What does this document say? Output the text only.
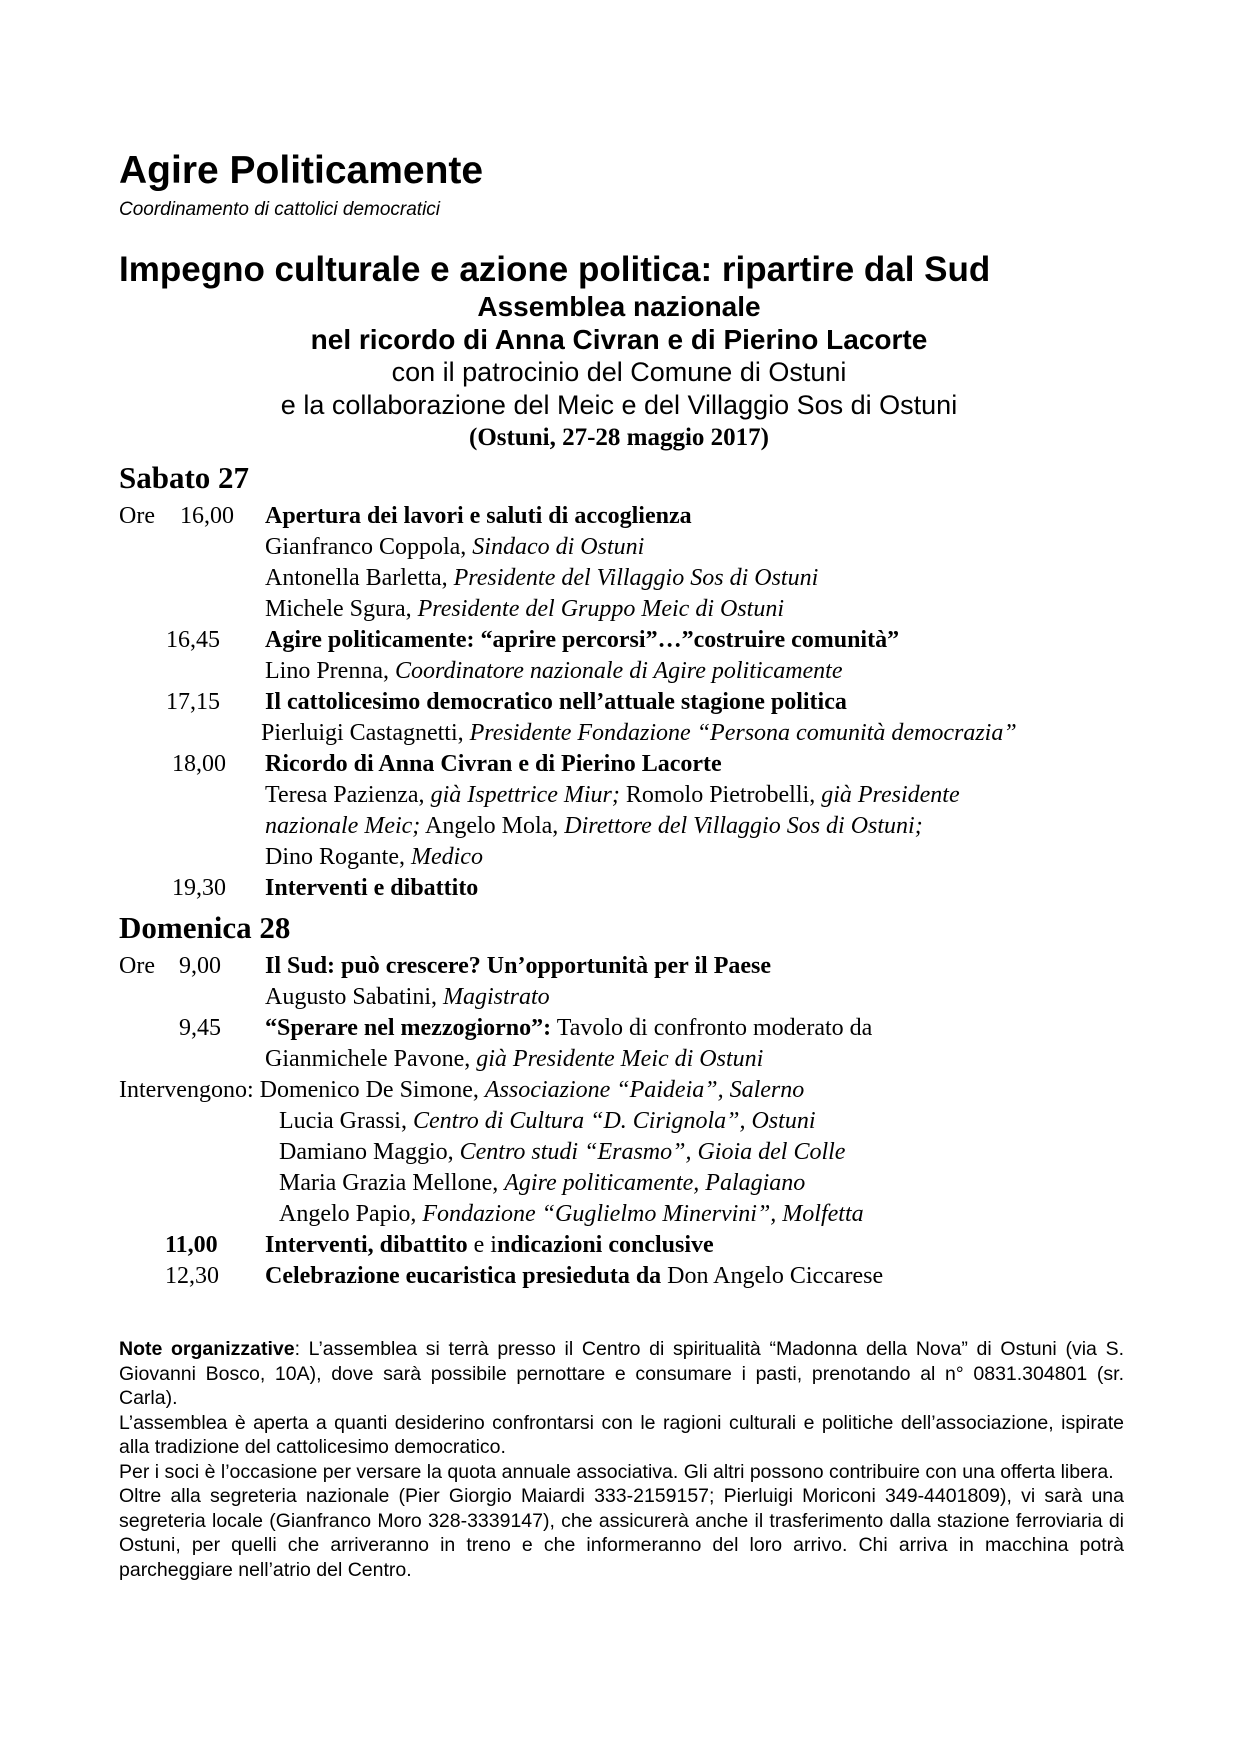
Agire Politicamente
Coordinamento di cattolici democratici
Impegno culturale e azione politica: ripartire dal Sud
Assemblea nazionale
nel ricordo di Anna Civran e di Pierino Lacorte
con il patrocinio del Comune di Ostuni
e la collaborazione del Meic e del Villaggio Sos di Ostuni
(Ostuni, 27-28 maggio 2017)
Sabato 27
Ore 16,00 Apertura dei lavori e saluti di accoglienza
Gianfranco Coppola, Sindaco di Ostuni
Antonella Barletta, Presidente del Villaggio Sos di Ostuni
Michele Sgura, Presidente del Gruppo Meic di Ostuni
16,45 Agire politicamente: “aprire percorsi”…”costruire comunità”
Lino Prenna, Coordinatore nazionale di Agire politicamente
17,15 Il cattolicesimo democratico nell’attuale stagione politica
Pierluigi Castagnetti, Presidente Fondazione “Persona comunità democrazia”
18,00 Ricordo di Anna Civran e di Pierino Lacorte
Teresa Pazienza, già Ispettrice Miur; Romolo Pietrobelli, già Presidente
nazionale Meic; Angelo Mola, Direttore del Villaggio Sos di Ostuni;
Dino Rogante, Medico
19,30 Interventi e dibattito
Domenica 28
Ore 9,00 Il Sud: può crescere? Un’opportunità per il Paese
Augusto Sabatini, Magistrato
9,45 “Sperare nel mezzogiorno”: Tavolo di confronto moderato da
Gianmichele Pavone, già Presidente Meic di Ostuni
Intervengono: Domenico De Simone, Associazione “Paideia”, Salerno
Lucia Grassi, Centro di Cultura “D. Cirignola”, Ostuni
Damiano Maggio, Centro studi “Erasmo”, Gioia del Colle
Maria Grazia Mellone, Agire politicamente, Palagiano
Angelo Papio, Fondazione “Guglielmo Minervini”, Molfetta
11,00 Interventi, dibattito e indicazioni conclusive
12,30 Celebrazione eucaristica presieduta da Don Angelo Ciccarese

Note organizzative: L’assemblea si terrà presso il Centro di spiritualità “Madonna della Nova” di Ostuni (via S. Giovanni Bosco, 10A), dove sarà possibile pernottare e consumare i pasti, prenotando al n° 0831.304801 (sr. Carla).

L’assemblea è aperta a quanti desiderino confrontarsi con le ragioni culturali e politiche dell’associazione, ispirate alla tradizione del cattolicesimo democratico.

Per i soci è l’occasione per versare la quota annuale associativa. Gli altri possono contribuire con una offerta libera.

Oltre alla segreteria nazionale (Pier Giorgio Maiardi 333-2159157; Pierluigi Moriconi 349-4401809), vi sarà una segreteria locale (Gianfranco Moro 328-3339147), che assicurerà anche il trasferimento dalla stazione ferroviaria di Ostuni, per quelli che arriveranno in treno e che informeranno del loro arrivo. Chi arriva in macchina potrà parcheggiare nell’atrio del Centro.
